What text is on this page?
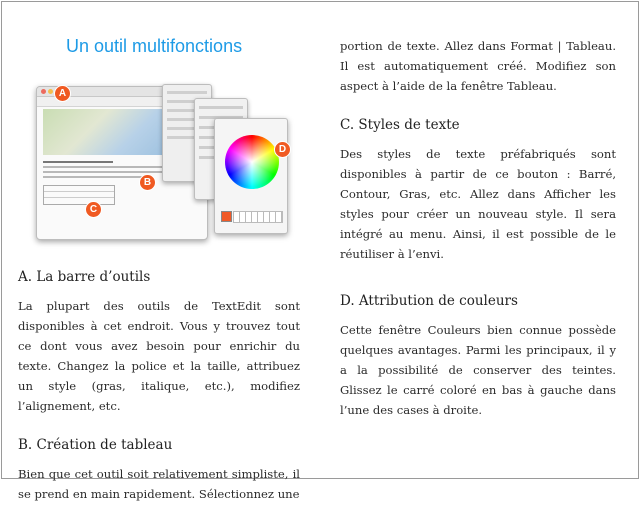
Un outil multifonctions
A
B
C
D
A. La barre d’outils

La plupart des outils de TextEdit sont disponibles à cet endroit. Vous y trouvez tout ce dont vous avez besoin pour enrichir du texte. Changez la police et la taille, attribuez un style (gras, italique, etc.), modifiez l’alignement, etc.

B. Création de tableau

Bien que cet outil soit relativement simpliste, il se prend en main rapidement. Sélectionnez une

portion de texte. Allez dans Format | Tableau. Il est automatiquement créé. Modifiez son aspect à l’aide de la fenêtre Tableau.

C. Styles de texte

Des styles de texte préfabriqués sont disponibles à partir de ce bouton : Barré, Contour, Gras, etc. Allez dans Afficher les styles pour créer un nouveau style. Il sera intégré au menu. Ainsi, il est possible de le réutiliser à l’envi.

D. Attribution de couleurs

Cette fenêtre Couleurs bien connue possède quelques avantages. Parmi les principaux, il y a la possibilité de conserver des teintes. Glissez le carré coloré en bas à gauche dans l’une des cases à droite.
